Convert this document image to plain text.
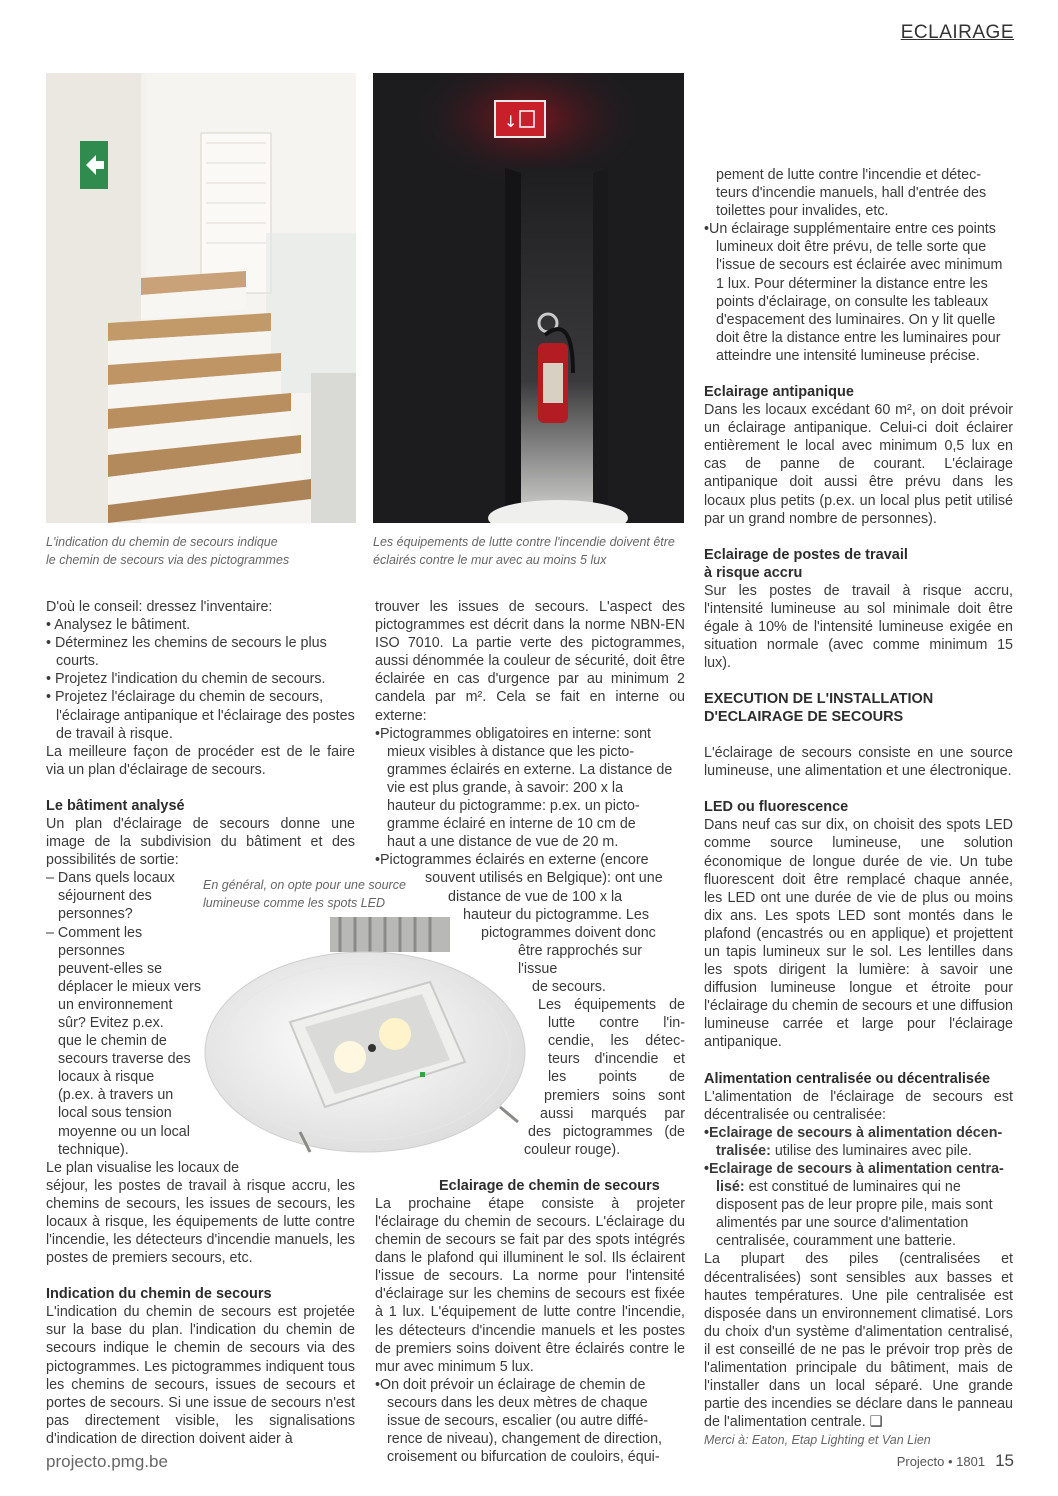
ECLAIRAGE
L'indication du chemin de secours indique
le chemin de secours via des pictogrammes
↓
Les équipements de lutte contre l'incendie doivent être
éclairés contre le mur avec au moins 5 lux
En général, on opte pour une source
lumineuse comme les spots LED

D'où le conseil: dressez l'inventaire:

• Analysez le bâtiment.

• Déterminez les chemins de secours le plus courts.

• Projetez l'indication du chemin de secours.

• Projetez l'éclairage du chemin de secours, l'éclairage antipanique et l'éclairage des postes de travail à risque.

La meilleure façon de procéder est de le faire via un plan d'éclairage de secours.

Le bâtiment analysé

Un plan d'éclairage de secours donne une image de la subdivision du bâtiment et des possibilités de sortie:

– Dans quels locaux

séjournent des

personnes?

– Comment les

personnes

peuvent-elles se

déplacer le mieux vers

un environnement

sûr? Evitez p.ex.

que le chemin de

secours traverse des

locaux à risque

(p.ex. à travers un

local sous tension

moyenne ou un local

technique).

Le plan visualise les locaux de

séjour, les postes de travail à risque accru, les chemins de secours, les issues de secours, les locaux à risque, les équipements de lutte contre l'incendie, les détecteurs d'incendie manuels, les postes de premiers secours, etc.

Indication du chemin de secours

L'indication du chemin de secours est projetée sur la base du plan. l'indication du chemin de secours indique le chemin de secours via des pictogrammes. Les pictogrammes indiquent tous les chemins de secours, issues de secours et portes de secours. Si une issue de secours n'est pas directement visible, les signalisations d'indication de direction doivent aider à

trouver les issues de secours. L'aspect des pictogrammes est décrit dans la norme NBN-EN ISO 7010. La partie verte des pictogrammes, aussi dénommée la couleur de sécurité, doit être éclairée en cas d'urgence par au minimum 2 candela par m². Cela se fait en interne ou externe:

•Pictogrammes obligatoires en interne: sont

mieux visibles à distance que les picto-

grammes éclairés en externe. La distance de

vie est plus grande, à savoir: 200 x la

hauteur du pictogramme: p.ex. un picto-

gramme éclairé en interne de 10 cm de

haut a une distance de vue de 20 m.

•Pictogrammes éclairés en externe (encore

souvent utilisés en Belgique): ont une

distance de vue de 100 x la

hauteur du pictogramme. Les

pictogrammes doivent donc

être rapprochés sur l'issue

de secours.

Les équipements de

lutte contre l'in-

cendie, les détec-

teurs d'incendie et

les points de

premiers soins sont

aussi marqués par

des pictogrammes (de

couleur rouge).

Eclairage de chemin de secours

La prochaine étape consiste à projeter l'éclairage du chemin de secours. L'éclairage du chemin de secours se fait par des spots intégrés dans le plafond qui illuminent le sol. Ils éclairent l'issue de secours. La norme pour l'intensité d'éclairage sur les chemins de secours est fixée à 1 lux. L'équipement de lutte contre l'incendie, les détecteurs d'incendie manuels et les postes de premiers soins doivent être éclairés contre le mur avec minimum 5 lux.

•On doit prévoir un éclairage de chemin de

secours dans les deux mètres de chaque

issue de secours, escalier (ou autre diffé-

rence de niveau), changement de direction,

croisement ou bifurcation de couloirs, équi-

pement de lutte contre l'incendie et détec-

teurs d'incendie manuels, hall d'entrée des

toilettes pour invalides, etc.

•Un éclairage supplémentaire entre ces points

lumineux doit être prévu, de telle sorte que

l'issue de secours est éclairée avec minimum

1 lux. Pour déterminer la distance entre les

points d'éclairage, on consulte les tableaux

d'espacement des luminaires. On y lit quelle

doit être la distance entre les luminaires pour

atteindre une intensité lumineuse précise.

Eclairage antipanique

Dans les locaux excédant 60 m², on doit prévoir un éclairage antipanique. Celui-ci doit éclairer entièrement le local avec minimum 0,5 lux en cas de panne de courant. L'éclairage antipanique doit aussi être prévu dans les locaux plus petits (p.ex. un local plus petit utilisé par un grand nombre de personnes).

Eclairage de postes de travail
à risque accru

Sur les postes de travail à risque accru, l'intensité lumineuse au sol minimale doit être égale à 10% de l'intensité lumineuse exigée en situation normale (avec comme minimum 15 lux).

EXECUTION DE L'INSTALLATION
D'ECLAIRAGE DE SECOURS

L'éclairage de secours consiste en une source lumineuse, une alimentation et une électronique.

LED ou fluorescence

Dans neuf cas sur dix, on choisit des spots LED comme source lumineuse, une solution économique de longue durée de vie. Un tube fluorescent doit être remplacé chaque année, les LED ont une durée de vie de plus ou moins dix ans. Les spots LED sont montés dans le plafond (encastrés ou en applique) et projettent un tapis lumineux sur le sol. Les lentilles dans les spots dirigent la lumière: à savoir une diffusion lumineuse longue et étroite pour l'éclairage du chemin de secours et une diffusion lumineuse carrée et large pour l'éclairage antipanique.

Alimentation centralisée ou décentralisée

L'alimentation de l'éclairage de secours est décentralisée ou centralisée:

•Eclairage de secours à alimentation décen-

tralisée: utilise des luminaires avec pile.

•Eclairage de secours à alimentation centra-

lisé: est constitué de luminaires qui ne

disposent pas de leur propre pile, mais sont

alimentés par une source d'alimentation

centralisée, couramment une batterie.

La plupart des piles (centralisées et décentralisées) sont sensibles aux basses et hautes températures. Une pile centralisée est disposée dans un environnement climatisé. Lors du choix d'un système d'alimentation centralisé, il est conseillé de ne pas le prévoir trop près de l'alimentation principale du bâtiment, mais de l'installer dans un local séparé. Une grande partie des incendies se déclare dans le panneau de l'alimentation centrale. ❑

Merci à: Eaton, Etap Lighting et Van Lien

projecto.pmg.be	Projecto • 1801 15
